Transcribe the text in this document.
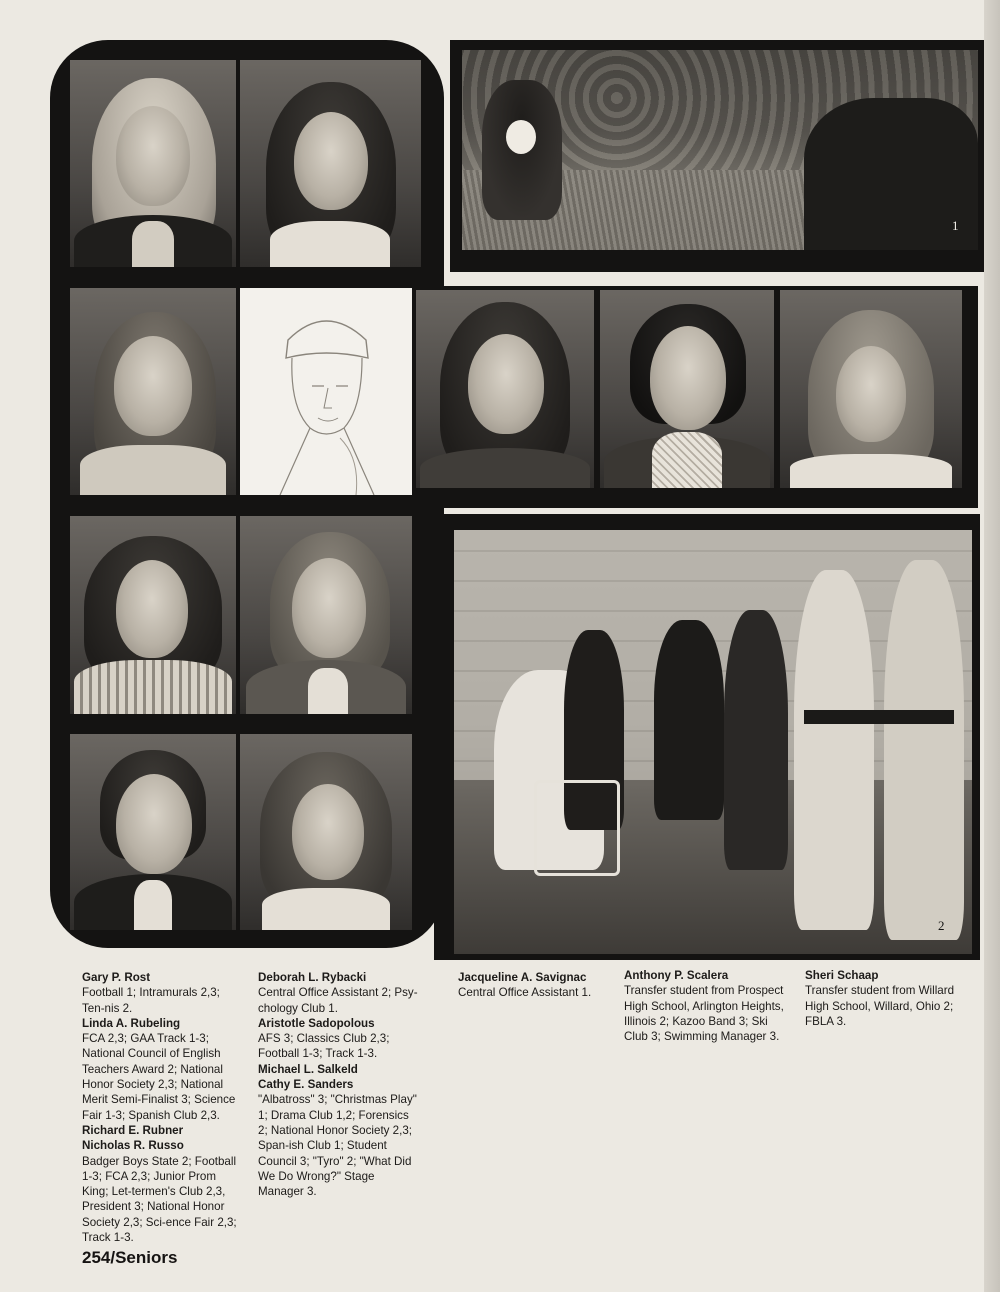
1
2

Gary P. Rost

Football 1; Intramurals 2,3; Ten-nis 2.

Linda A. Rubeling

FCA 2,3; GAA Track 1-3; National Council of English Teachers Award 2; National Honor Society 2,3; National Merit Semi-Finalist 3; Science Fair 1-3; Spanish Club 2,3.

Richard E. Rubner

Nicholas R. Russo

Badger Boys State 2; Football 1-3; FCA 2,3; Junior Prom King; Let-termen's Club 2,3, President 3; National Honor Society 2,3; Sci-ence Fair 2,3; Track 1-3.

Deborah L. Rybacki

Central Office Assistant 2; Psy-chology Club 1.

Aristotle Sadopolous

AFS 3; Classics Club 2,3; Football 1-3; Track 1-3.

Michael L. Salkeld

Cathy E. Sanders

"Albatross" 3; "Christmas Play" 1; Drama Club 1,2; Forensics 2; National Honor Society 2,3; Span-ish Club 1; Student Council 3; "Tyro" 2; "What Did We Do Wrong?" Stage Manager 3.

Jacqueline A. Savignac

Central Office Assistant 1.

Anthony P. Scalera

Transfer student from Prospect High School, Arlington Heights, Illinois 2; Kazoo Band 3; Ski Club 3; Swimming Manager 3.

Sheri Schaap

Transfer student from Willard High School, Willard, Ohio 2; FBLA 3.

254/Seniors
